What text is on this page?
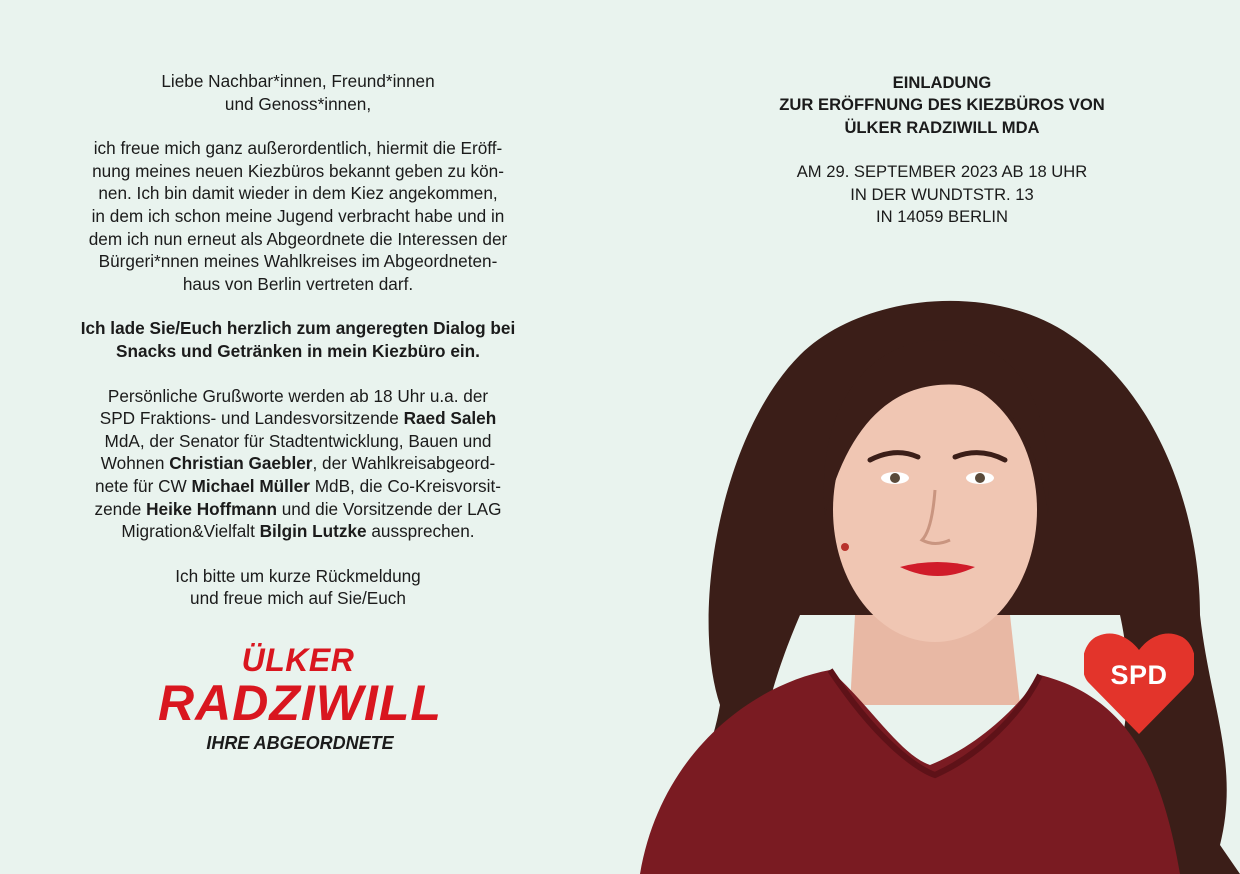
Liebe Nachbar*innen, Freund*innen
und Genoss*innen,

ich freue mich ganz außerordentlich, hiermit die Eröff-
nung meines neuen Kiezbüros bekannt geben zu kön-
nen. Ich bin damit wieder in dem Kiez angekommen,
in dem ich schon meine Jugend verbracht habe und in
dem ich nun erneut als Abgeordnete die Interessen der
Bürgeri*nnen meines Wahlkreises im Abgeordneten-
haus von Berlin vertreten darf.

Ich lade Sie/Euch herzlich zum angeregten Dialog bei
Snacks und Getränken in mein Kiezbüro ein.

Persönliche Grußworte werden ab 18 Uhr u.a. der
SPD Fraktions- und Landesvorsitzende Raed Saleh
MdA, der Senator für Stadtentwicklung, Bauen und
Wohnen Christian Gaebler, der Wahlkreisabgeord-
nete für CW Michael Müller MdB, die Co-Kreisvorsit-
zende Heike Hoffmann und die Vorsitzende der LAG
Migration&Vielfalt Bilgin Lutzke aussprechen.

Ich bitte um kurze Rückmeldung
und freue mich auf Sie/Euch

ÜLKER
RADZIWILL
IHRE ABGEORDNETE
EINLADUNG
ZUR ERÖFFNUNG DES KIEZBÜROS VON
ÜLKER RADZIWILL MDA
AM 29. SEPTEMBER 2023 AB 18 UHR
IN DER WUNDTSTR. 13
IN 14059 BERLIN
SPD
